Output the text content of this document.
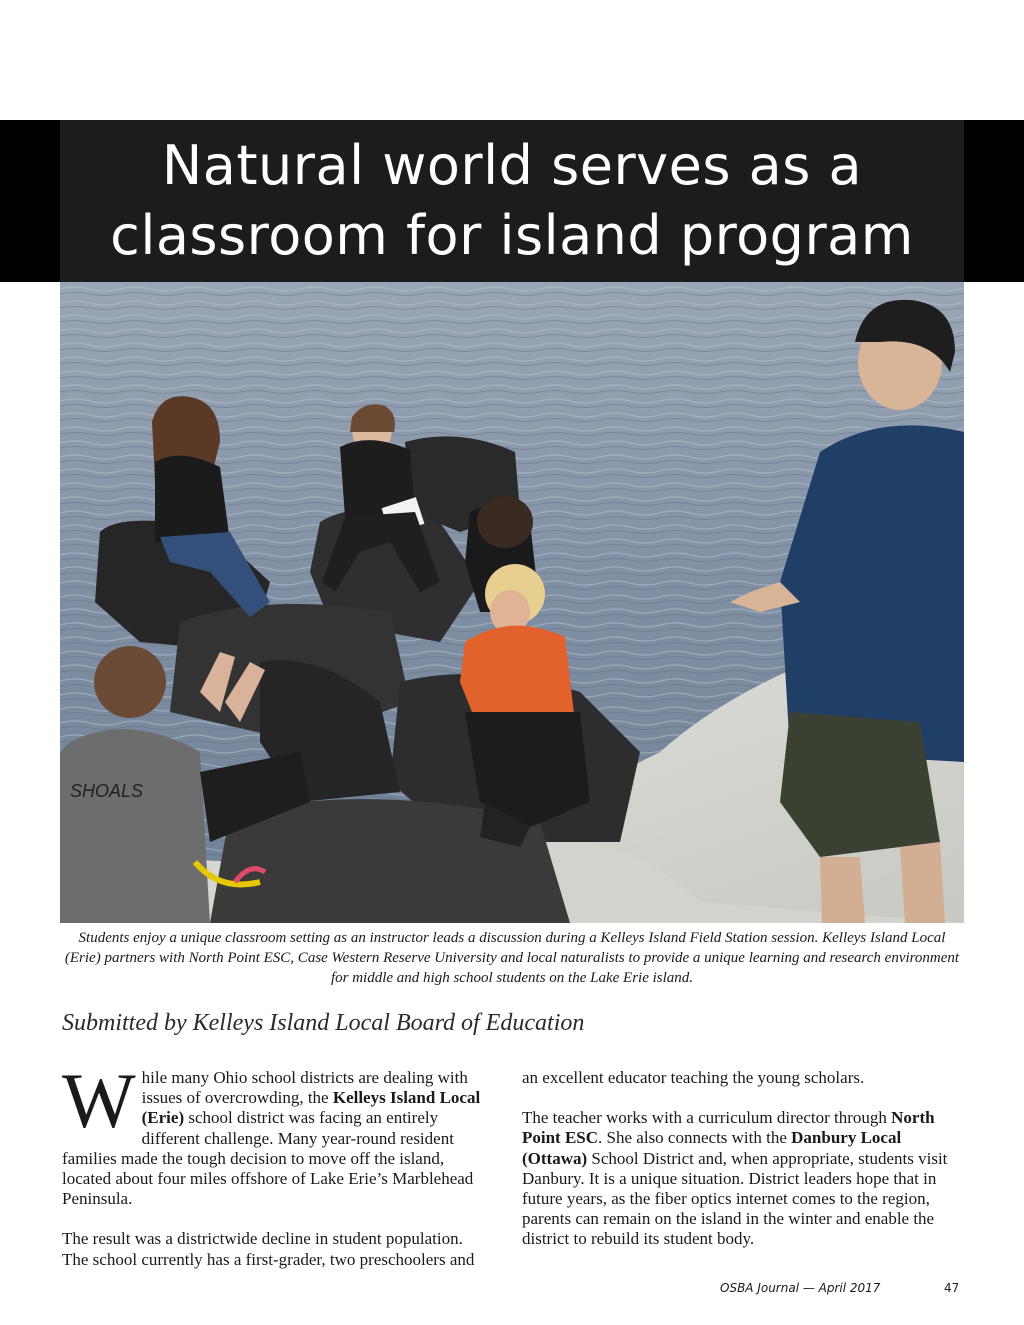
Natural world serves as a
classroom for island program
SHOALS
Students enjoy a unique classroom setting as an instructor leads a discussion during a Kelleys Island Field Station session. Kelleys Island Local (Erie) partners with North Point ESC, Case Western Reserve University and local naturalists to provide a unique learning and research environment for middle and high school students on the Lake Erie island.
Submitted by Kelleys Island Local Board of Education

While many Ohio school districts are dealing with issues of overcrowding, the Kelleys Island Local (Erie) school district was facing an entirely different challenge. Many year-round resident families made the tough decision to move off the island, located about four miles offshore of Lake Erie’s Marblehead Peninsula.

The result was a districtwide decline in student population. The school currently has a first-grader, two preschoolers and

an excellent educator teaching the young scholars.

The teacher works with a curriculum director through North Point ESC. She also connects with the Danbury Local (Ottawa) School District and, when appropriate, students visit Danbury. It is a unique situation. District leaders hope that in future years, as the fiber optics internet comes to the region, parents can remain on the island in the winter and enable the district to rebuild its student body.

OSBA Journal — April 2017	47
